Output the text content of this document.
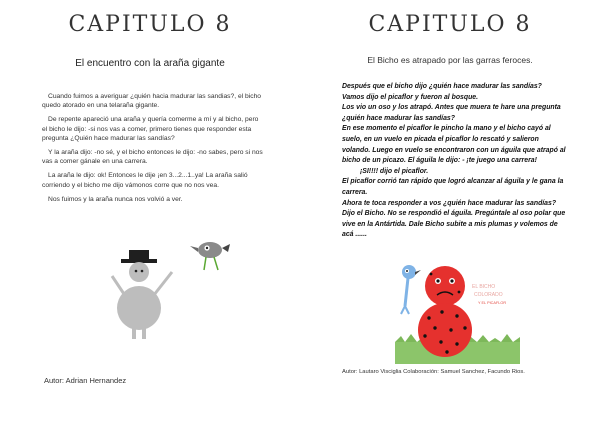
CAPITULO 8
El encuentro con la araña gigante

Cuando fuimos a averiguar ¿quién hacia madurar las sandias?, el bicho quedo atorado en una telaraña gigante.

De repente apareció una araña y quería comerme a mí y al bicho, pero el bicho le dijo: -si nos vas a comer, primero tienes que responder esta pregunta ¿Quién hace madurar las sandías?

Y la araña dijo: -no sé, y el bicho entonces le dijo: -no sabes, pero si nos vas a comer gánale en una carrera.

La araña le dijo: ok! Entonces le dije ¡en 3...2...1..ya! La araña salió corriendo y el bicho me dijo vámonos corre que no nos vea.

Nos fuimos y la araña nunca nos volvió a ver.

Autor: Adrian Hernandez
CAPITULO 8
El Bicho es atrapado por las garras feroces.
Después que el bicho dijo ¿quién hace madurar las sandías?
Vamos dijo el picaflor y fueron al bosque.
Los vio un oso y los atrapó. Antes que muera te hare una pregunta
¿quién hace madurar las sandías?
En ese momento el picaflor le pincho la mano y el bicho cayó al
suelo, en un vuelo en picada el picaflor lo rescató y salieron
volando. Luego en vuelo se encontraron con un águila que atrapó al
bicho de un picazo. El águila le dijo: - ¡te juego una carrera!
¡SI!!!! dijo el picaflor.
El picaflor corrió tan rápido que logró alcanzar al águila y le gana la
carrera.
Ahora te toca responder a vos ¿quién hace madurar las sandías?
Dijo el Bicho. No se respondió el águila. Pregúntale al oso polar que
vive en la Antártida. Dale Bicho subite a mis plumas y volemos de
acá ......
EL BICHO
COLORADO
Y EL PICAFLOR
Autor: Lautaro Visciglia Colaboración: Samuel Sanchez, Facundo Rios.
